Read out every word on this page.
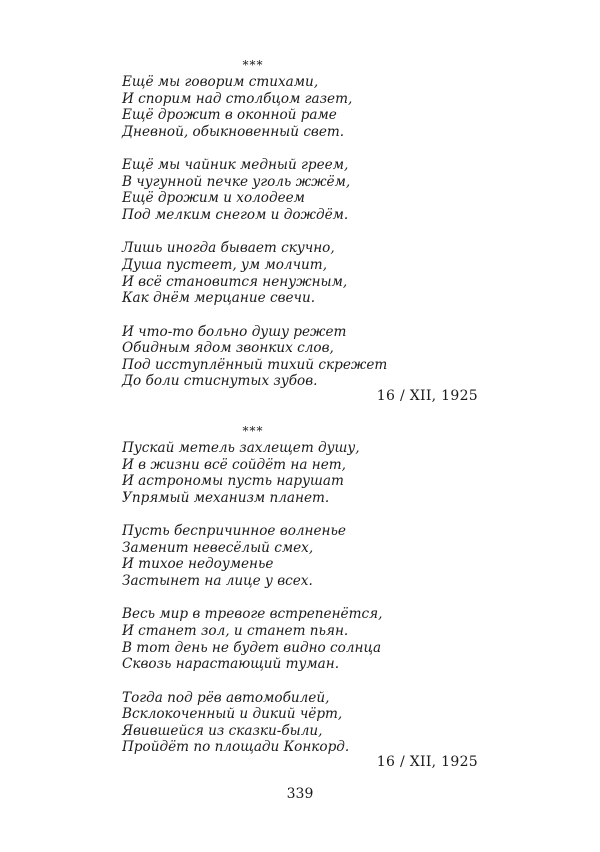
***
Ещё мы говорим стихами,
И спорим над столбцом газет,
Ещё дрожит в оконной раме
Дневной, обыкновенный свет.
Ещё мы чайник медный греем,
В чугунной печке уголь жжём,
Ещё дрожим и холодеем
Под мелким снегом и дождём.
Лишь иногда бывает скучно,
Душа пустеет, ум молчит,
И всё становится ненужным,
Как днём мерцание свечи.
И что-то больно душу режет
Обидным ядом звонких слов,
Под исступлённый тихий скрежет
До боли стиснутых зубов.
16 / XII, 1925
***
Пускай метель захлещет душу,
И в жизни всё сойдёт на нет,
И астрономы пусть нарушат
Упрямый механизм планет.
Пусть беспричинное волненье
Заменит невесёлый смех,
И тихое недоуменье
Застынет на лице у всех.
Весь мир в тревоге встрепенётся,
И станет зол, и станет пьян.
В тот день не будет видно солнца
Сквозь нарастающий туман.
Тогда под рёв автомобилей,
Всклокоченный и дикий чёрт,
Явившейся из сказки-были,
Пройдёт по площади Конкорд.
16 / XII, 1925
339
